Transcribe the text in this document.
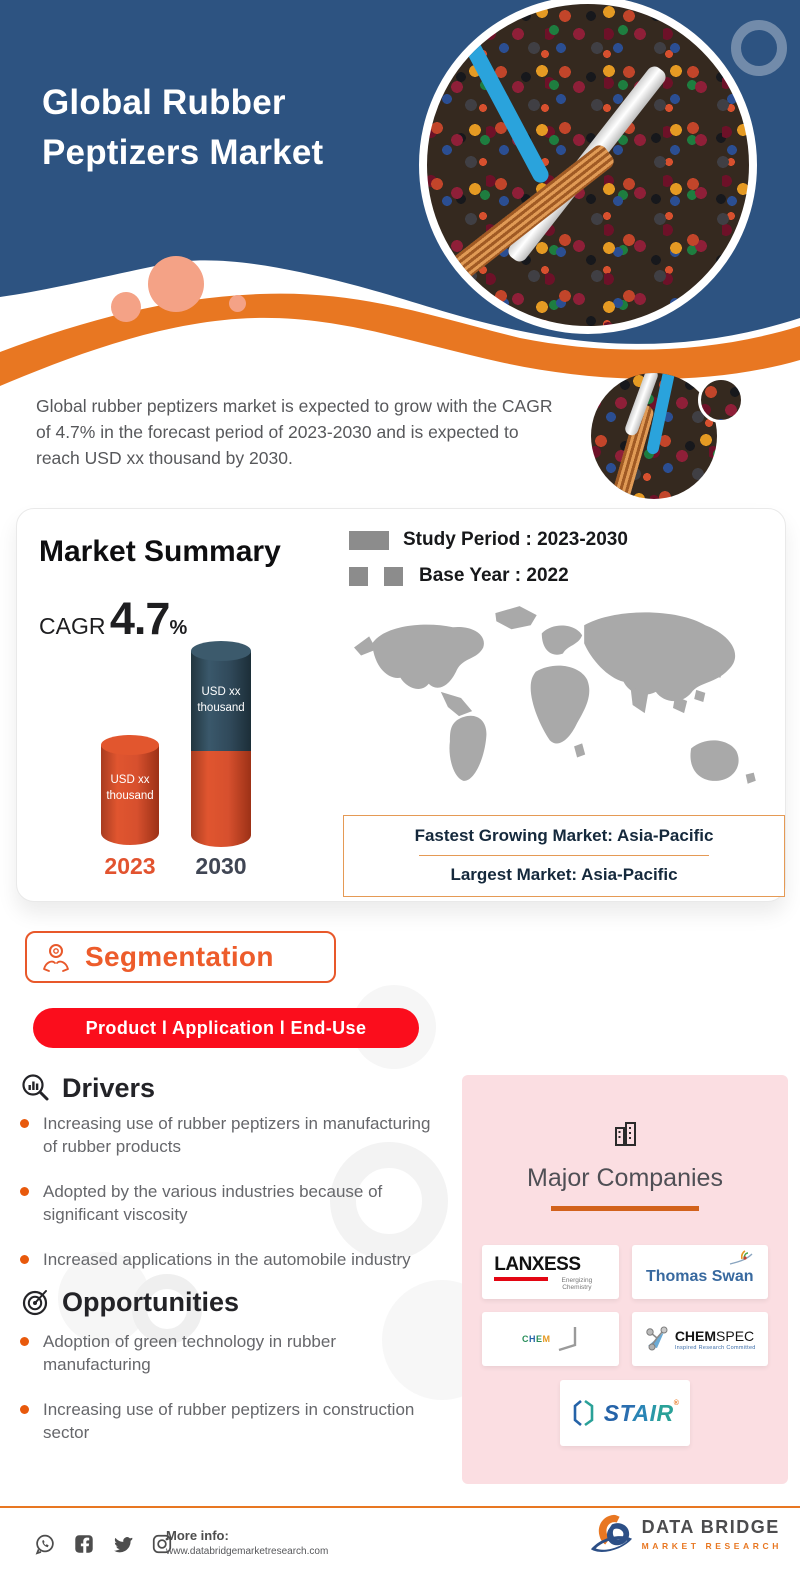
Global Rubber
Peptizers Market
Global rubber peptizers market is expected to grow with the CAGR of 4.7% in the forecast period of 2023-2030 and is expected to reach USD xx thousand by 2030.
Market Summary
CAGR 4.7%
USD xx thousand
USD xx thousand
2023	2030
Study Period : 2023-2030
Base Year : 2022
Fastest Growing Market: Asia-Pacific
Largest Market: Asia-Pacific
Segmentation
Product l Application l End-Use
Drivers
Increasing use of rubber peptizers in manufacturing of rubber products
Adopted by the various industries because of significant viscosity
Increased applications in the automobile industry
Opportunities
Adoption of green technology in rubber manufacturing
Increasing use of rubber peptizers in construction sector
Major Companies
LANXESS
Energizing Chemistry
Thomas Swan
CHEM	CHEMSPEC
Inspired Research Committed
STAIR®
More info:
www.databridgemarketresearch.com
DATA BRIDGE
MARKET RESEARCH
